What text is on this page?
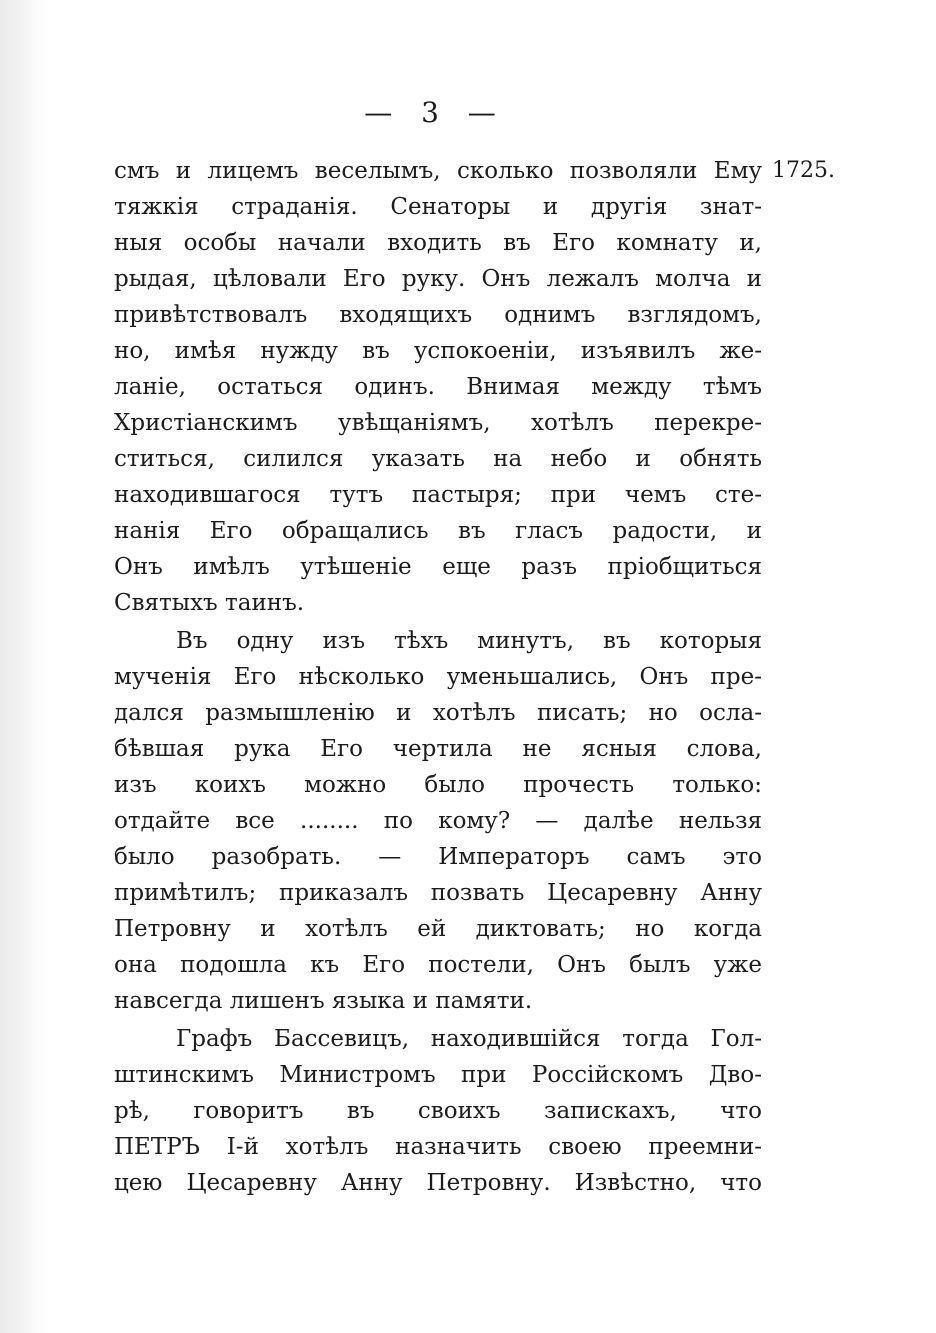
— 3 —
1725.
смъ и лицемъ веселымъ, сколько позволяли Ему
тяжкія страданія. Сенаторы и другія знат-
ныя особы начали входить въ Его комнату и,
рыдая, цѣловали Его руку. Онъ лежалъ молча и
привѣтствовалъ входящихъ однимъ взглядомъ,
но, имѣя нужду въ успокоеніи, изъявилъ же-
ланіе, остаться одинъ. Внимая между тѣмъ
Христіанскимъ увѣщаніямъ, хотѣлъ перекре-
ститься, силился указать на небо и обнять
находившагося тутъ пастыря; при чемъ сте-
нанія Его обращались въ гласъ радости, и
Онъ имѣлъ утѣшеніе еще разъ пріобщиться
Святыхъ таинъ.
Въ одну изъ тѣхъ минутъ, въ которыя
мученія Его нѣсколько уменьшались, Онъ пре-
дался размышленію и хотѣлъ писать; но осла-
бѣвшая рука Его чертила не ясныя слова,
изъ коихъ можно было прочесть только:
отдайте все ........ по кому? — далѣе нельзя
было разобрать. — Императоръ самъ это
примѣтилъ; приказалъ позвать Цесаревну Анну
Петровну и хотѣлъ ей диктовать; но когда
она подошла къ Его постели, Онъ былъ уже
навсегда лишенъ языка и памяти.
Графъ Бассевицъ, находившійся тогда Гол-
штинскимъ Министромъ при Россійскомъ Дво-
рѣ, говоритъ въ своихъ запискахъ, что
ПЕТРЪ I-й хотѣлъ назначить своею преемни-
цею Цесаревну Анну Петровну. Извѣстно, что
